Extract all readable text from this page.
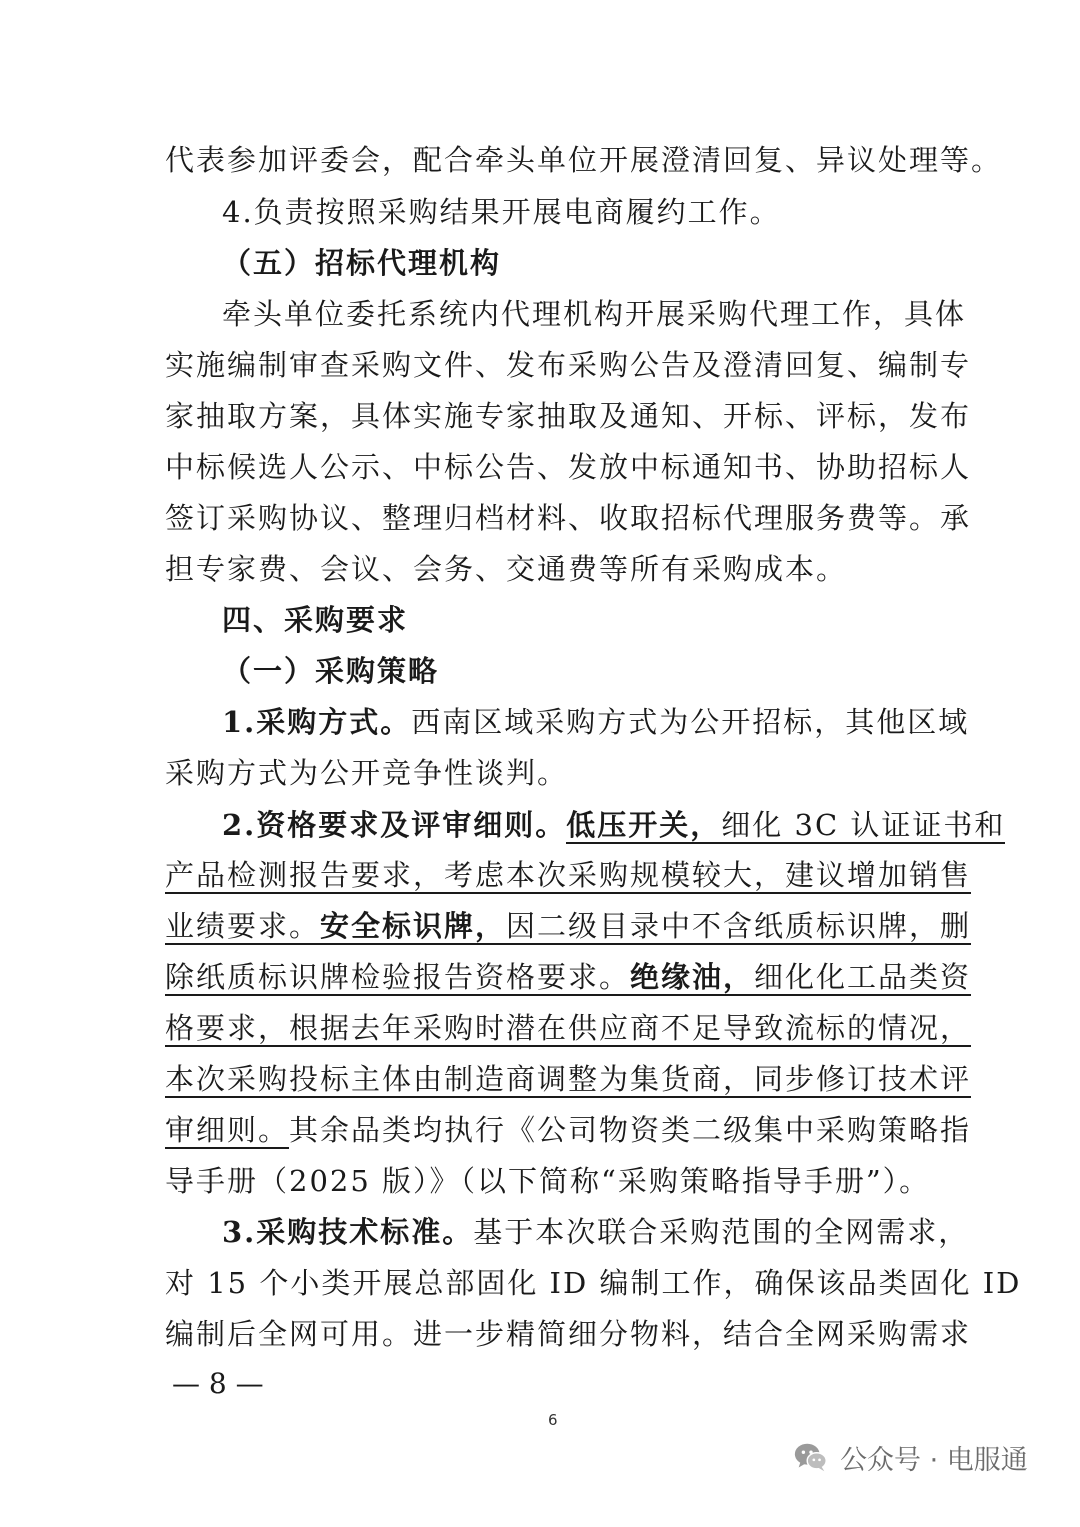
代表参加评委会，配合牵头单位开展澄清回复、异议处理等。
4.负责按照采购结果开展电商履约工作。
（五）招标代理机构
牵头单位委托系统内代理机构开展采购代理工作，具体
实施编制审查采购文件、发布采购公告及澄清回复、编制专
家抽取方案，具体实施专家抽取及通知、开标、评标，发布
中标候选人公示、中标公告、发放中标通知书、协助招标人
签订采购协议、整理归档材料、收取招标代理服务费等。承
担专家费、会议、会务、交通费等所有采购成本。
四、采购要求
（一）采购策略
1.采购方式。西南区域采购方式为公开招标，其他区域
采购方式为公开竞争性谈判。
2.资格要求及评审细则。低压开关，细化 3C 认证证书和
产品检测报告要求，考虑本次采购规模较大，建议增加销售
业绩要求。安全标识牌，因二级目录中不含纸质标识牌，删
除纸质标识牌检验报告资格要求。绝缘油，细化化工品类资
格要求，根据去年采购时潜在供应商不足导致流标的情况，
本次采购投标主体由制造商调整为集货商，同步修订技术评
审细则。其余品类均执行《公司物资类二级集中采购策略指
导手册（2025 版）》（以下简称“采购策略指导手册”）。
3.采购技术标准。基于本次联合采购范围的全网需求，
对 15 个小类开展总部固化 ID 编制工作，确保该品类固化 ID
编制后全网可用。进一步精简细分物料，结合全网采购需求
— 8 —
6
公众号 · 电服通
